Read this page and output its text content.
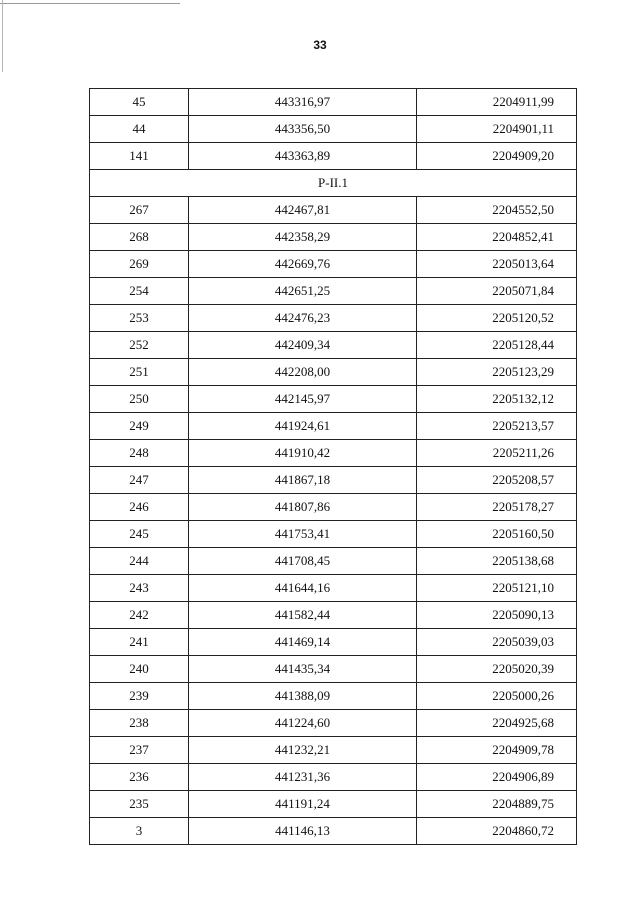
33
45	443316,97	2204911,99
44	443356,50	2204901,11
141	443363,89	2204909,20
Р-II.1		
267	442467,81	2204552,50
268	442358,29	2204852,41
269	442669,76	2205013,64
254	442651,25	2205071,84
253	442476,23	2205120,52
252	442409,34	2205128,44
251	442208,00	2205123,29
250	442145,97	2205132,12
249	441924,61	2205213,57
248	441910,42	2205211,26
247	441867,18	2205208,57
246	441807,86	2205178,27
245	441753,41	2205160,50
244	441708,45	2205138,68
243	441644,16	2205121,10
242	441582,44	2205090,13
241	441469,14	2205039,03
240	441435,34	2205020,39
239	441388,09	2205000,26
238	441224,60	2204925,68
237	441232,21	2204909,78
236	441231,36	2204906,89
235	441191,24	2204889,75
3	441146,13	2204860,72
